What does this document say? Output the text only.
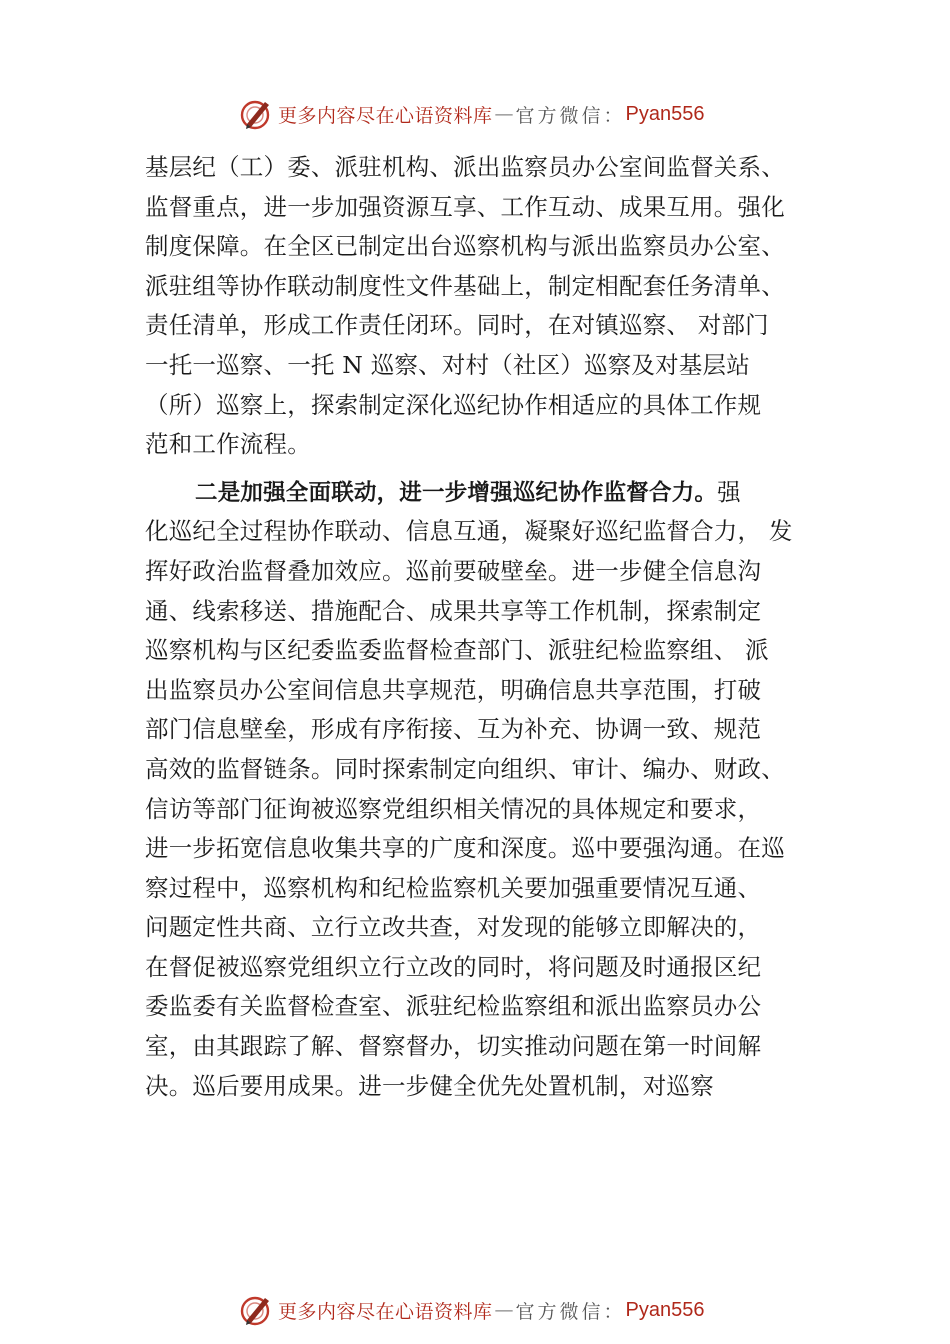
更多内容尽在心语资料库 — 官方微信： Pyan556
基层纪（工）委、派驻机构、派出监察员办公室间监督关系、
监督重点，进一步加强资源互享、工作互动、成果互用。强化
制度保障。在全区已制定出台巡察机构与派出监察员办公室、
派驻组等协作联动制度性文件基础上，制定相配套任务清单、
责任清单，形成工作责任闭环。同时，在对镇巡察、 对部门
一托一巡察、一托 N 巡察、对村（社区）巡察及对基层站
（所）巡察上，探索制定深化巡纪协作相适应的具体工作规
范和工作流程。
二是加强全面联动，进一步增强巡纪协作监督合力。强
化巡纪全过程协作联动、信息互通，凝聚好巡纪监督合力， 发
挥好政治监督叠加效应。巡前要破壁垒。进一步健全信息沟
通、线索移送、措施配合、成果共享等工作机制，探索制定
巡察机构与区纪委监委监督检查部门、派驻纪检监察组、 派
出监察员办公室间信息共享规范，明确信息共享范围，打破
部门信息壁垒，形成有序衔接、互为补充、协调一致、规范
高效的监督链条。同时探索制定向组织、审计、编办、财政、
信访等部门征询被巡察党组织相关情况的具体规定和要求，
进一步拓宽信息收集共享的广度和深度。巡中要强沟通。在巡
察过程中，巡察机构和纪检监察机关要加强重要情况互通、
问题定性共商、立行立改共查，对发现的能够立即解决的，
在督促被巡察党组织立行立改的同时，将问题及时通报区纪
委监委有关监督检查室、派驻纪检监察组和派出监察员办公
室，由其跟踪了解、督察督办，切实推动问题在第一时间解
决。巡后要用成果。进一步健全优先处置机制，对巡察
更多内容尽在心语资料库 — 官方微信： Pyan556
